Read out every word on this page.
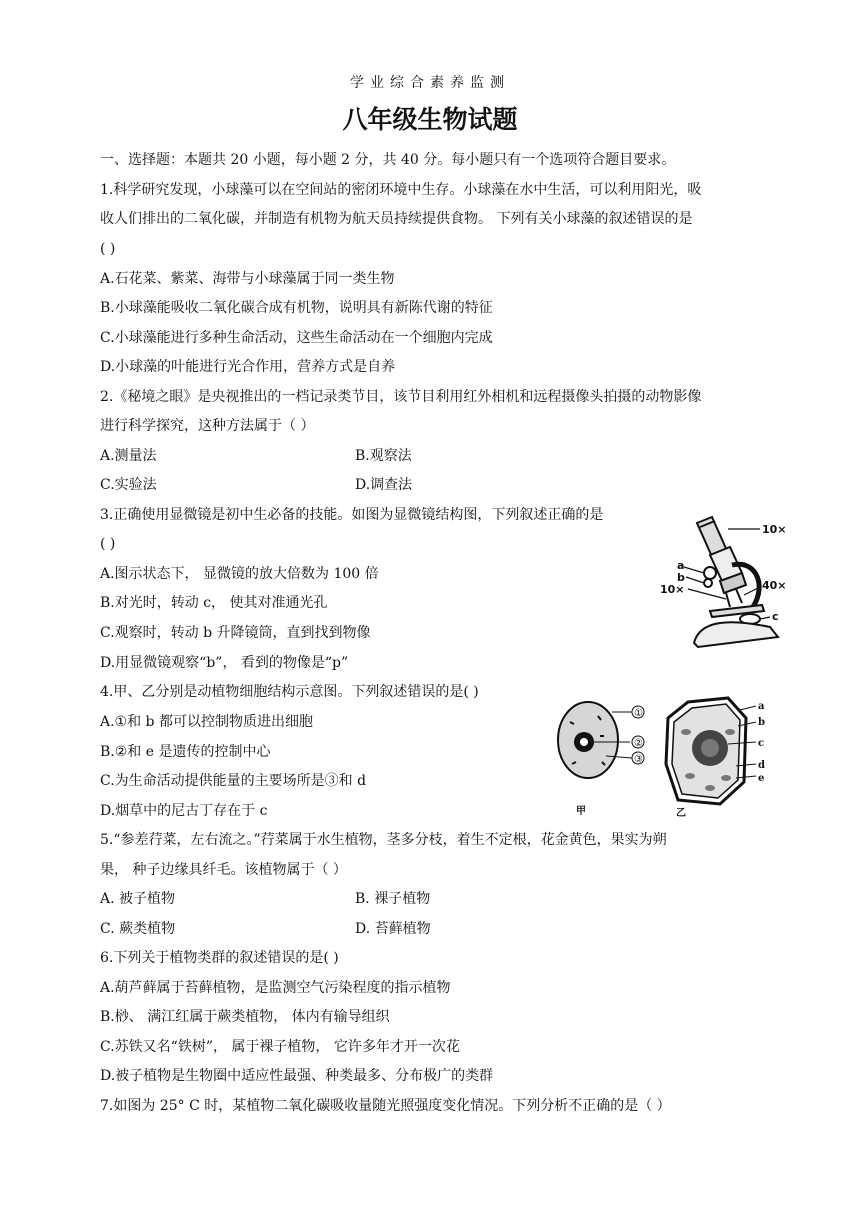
学业综合素养监测
八年级生物试题
一、选择题：本题共 20 小题，每小题 2 分，共 40 分。每小题只有一个选项符合题目要求。
1.科学研究发现，小球藻可以在空间站的密闭环境中生存。小球藻在水中生活，可以利用阳光，吸
收人们排出的二氧化碳，并制造有机物为航天员持续提供食物。 下列有关小球藻的叙述错误的是
( )
A.石花菜、紫菜、海带与小球藻属于同一类生物
B.小球藻能吸收二氧化碳合成有机物，说明具有新陈代谢的特征
C.小球藻能进行多种生命活动，这些生命活动在一个细胞内完成
D.小球藻的叶能进行光合作用，营养方式是自养
2.《秘境之眼》是央视推出的一档记录类节目，该节目利用红外相机和远程摄像头拍摄的动物影像
进行科学探究，这种方法属于（ ）
A.测量法	B.观察法
C.实验法	D.调查法
3.正确使用显微镜是初中生必备的技能。如图为显微镜结构图，下列叙述正确的是
( )
A.图示状态下， 显微镜的放大倍数为 100 倍
B.对光时，转动 c， 使其对准通光孔
C.观察时，转动 b 升降镜筒，直到找到物像
D.用显微镜观察“b”， 看到的物像是“p”
10×
a
b
10×	40×
c
4.甲、乙分别是动植物细胞结构示意图。下列叙述错误的是( )
A.①和 b 都可以控制物质进出细胞
B.②和 e 是遗传的控制中心
C.为生命活动提供能量的主要场所是③和 d
D.烟草中的尼古丁存在于 c
①
②
③
a
b
c
d
e
甲	乙
5.“参差荇菜，左右流之。”荇菜属于水生植物，茎多分枝，着生不定根，花金黄色，果实为朔
果， 种子边缘具纤毛。该植物属于（ ）
A. 被子植物	B. 裸子植物
C. 蕨类植物	D. 苔藓植物
6.下列关于植物类群的叙述错误的是( )
A.葫芦藓属于苔藓植物，是监测空气污染程度的指示植物
B.桫、 满江红属于蕨类植物， 体内有输导组织
C.苏铁又名“铁树”， 属于裸子植物， 它许多年才开一次花
D.被子植物是生物圈中适应性最强、种类最多、分布极广的类群
7.如图为 25° C 时，某植物二氧化碳吸收量随光照强度变化情况。下列分析不正确的是（ ）
